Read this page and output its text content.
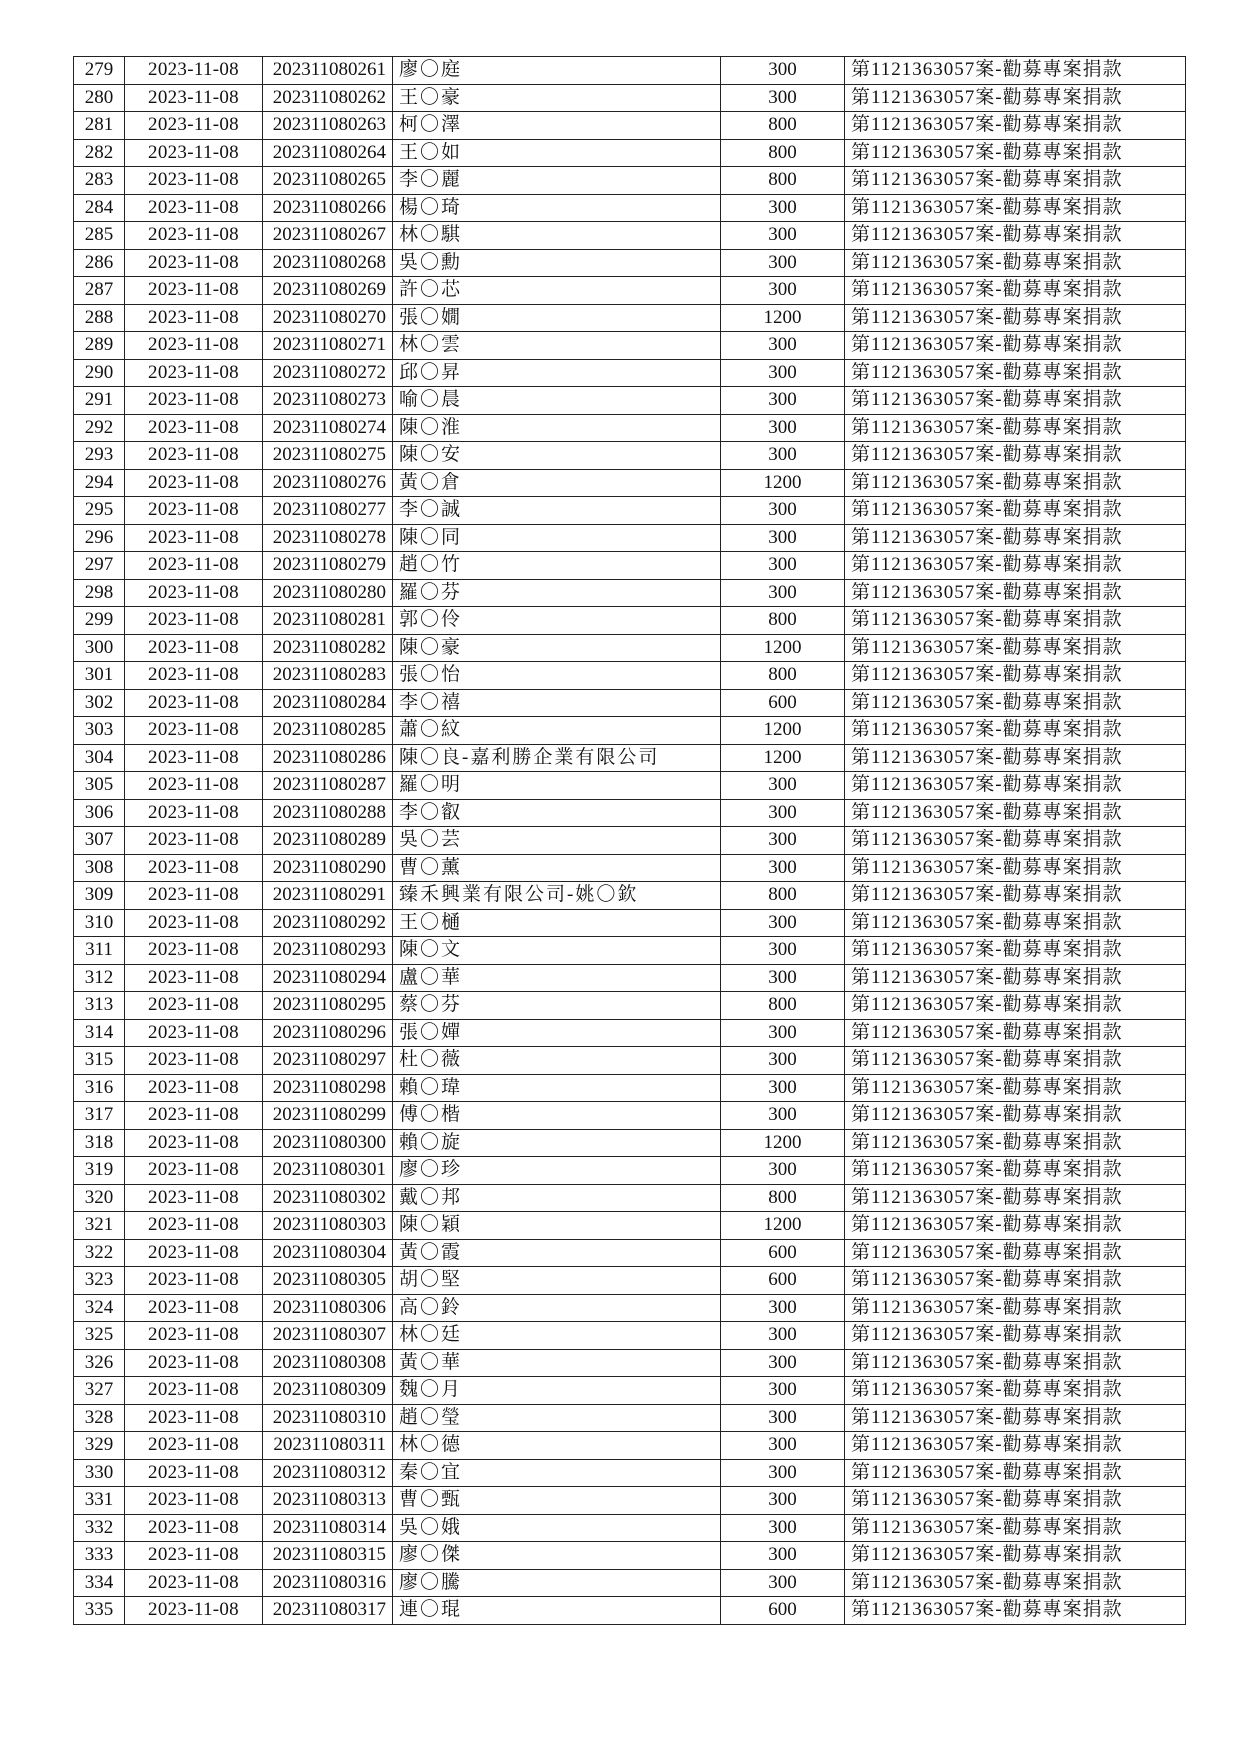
279	2023-11-08	202311080261	廖〇庭	300	第1121363057案-勸募專案捐款
280	2023-11-08	202311080262	王〇豪	300	第1121363057案-勸募專案捐款
281	2023-11-08	202311080263	柯〇澤	800	第1121363057案-勸募專案捐款
282	2023-11-08	202311080264	王〇如	800	第1121363057案-勸募專案捐款
283	2023-11-08	202311080265	李〇麗	800	第1121363057案-勸募專案捐款
284	2023-11-08	202311080266	楊〇琦	300	第1121363057案-勸募專案捐款
285	2023-11-08	202311080267	林〇騏	300	第1121363057案-勸募專案捐款
286	2023-11-08	202311080268	吳〇勳	300	第1121363057案-勸募專案捐款
287	2023-11-08	202311080269	許〇芯	300	第1121363057案-勸募專案捐款
288	2023-11-08	202311080270	張〇嫺	1200	第1121363057案-勸募專案捐款
289	2023-11-08	202311080271	林〇雲	300	第1121363057案-勸募專案捐款
290	2023-11-08	202311080272	邱〇昇	300	第1121363057案-勸募專案捐款
291	2023-11-08	202311080273	喻〇晨	300	第1121363057案-勸募專案捐款
292	2023-11-08	202311080274	陳〇淮	300	第1121363057案-勸募專案捐款
293	2023-11-08	202311080275	陳〇安	300	第1121363057案-勸募專案捐款
294	2023-11-08	202311080276	黃〇倉	1200	第1121363057案-勸募專案捐款
295	2023-11-08	202311080277	李〇誠	300	第1121363057案-勸募專案捐款
296	2023-11-08	202311080278	陳〇同	300	第1121363057案-勸募專案捐款
297	2023-11-08	202311080279	趙〇竹	300	第1121363057案-勸募專案捐款
298	2023-11-08	202311080280	羅〇芬	300	第1121363057案-勸募專案捐款
299	2023-11-08	202311080281	郭〇伶	800	第1121363057案-勸募專案捐款
300	2023-11-08	202311080282	陳〇豪	1200	第1121363057案-勸募專案捐款
301	2023-11-08	202311080283	張〇怡	800	第1121363057案-勸募專案捐款
302	2023-11-08	202311080284	李〇禧	600	第1121363057案-勸募專案捐款
303	2023-11-08	202311080285	蕭〇紋	1200	第1121363057案-勸募專案捐款
304	2023-11-08	202311080286	陳〇良-嘉利勝企業有限公司	1200	第1121363057案-勸募專案捐款
305	2023-11-08	202311080287	羅〇明	300	第1121363057案-勸募專案捐款
306	2023-11-08	202311080288	李〇叡	300	第1121363057案-勸募專案捐款
307	2023-11-08	202311080289	吳〇芸	300	第1121363057案-勸募專案捐款
308	2023-11-08	202311080290	曹〇薰	300	第1121363057案-勸募專案捐款
309	2023-11-08	202311080291	臻禾興業有限公司-姚〇欽	800	第1121363057案-勸募專案捐款
310	2023-11-08	202311080292	王〇樋	300	第1121363057案-勸募專案捐款
311	2023-11-08	202311080293	陳〇文	300	第1121363057案-勸募專案捐款
312	2023-11-08	202311080294	盧〇華	300	第1121363057案-勸募專案捐款
313	2023-11-08	202311080295	蔡〇芬	800	第1121363057案-勸募專案捐款
314	2023-11-08	202311080296	張〇嬋	300	第1121363057案-勸募專案捐款
315	2023-11-08	202311080297	杜〇薇	300	第1121363057案-勸募專案捐款
316	2023-11-08	202311080298	賴〇瑋	300	第1121363057案-勸募專案捐款
317	2023-11-08	202311080299	傅〇楷	300	第1121363057案-勸募專案捐款
318	2023-11-08	202311080300	賴〇旋	1200	第1121363057案-勸募專案捐款
319	2023-11-08	202311080301	廖〇珍	300	第1121363057案-勸募專案捐款
320	2023-11-08	202311080302	戴〇邦	800	第1121363057案-勸募專案捐款
321	2023-11-08	202311080303	陳〇穎	1200	第1121363057案-勸募專案捐款
322	2023-11-08	202311080304	黃〇霞	600	第1121363057案-勸募專案捐款
323	2023-11-08	202311080305	胡〇堅	600	第1121363057案-勸募專案捐款
324	2023-11-08	202311080306	高〇鈴	300	第1121363057案-勸募專案捐款
325	2023-11-08	202311080307	林〇廷	300	第1121363057案-勸募專案捐款
326	2023-11-08	202311080308	黃〇華	300	第1121363057案-勸募專案捐款
327	2023-11-08	202311080309	魏〇月	300	第1121363057案-勸募專案捐款
328	2023-11-08	202311080310	趙〇瑩	300	第1121363057案-勸募專案捐款
329	2023-11-08	202311080311	林〇德	300	第1121363057案-勸募專案捐款
330	2023-11-08	202311080312	秦〇宜	300	第1121363057案-勸募專案捐款
331	2023-11-08	202311080313	曹〇甄	300	第1121363057案-勸募專案捐款
332	2023-11-08	202311080314	吳〇娥	300	第1121363057案-勸募專案捐款
333	2023-11-08	202311080315	廖〇傑	300	第1121363057案-勸募專案捐款
334	2023-11-08	202311080316	廖〇騰	300	第1121363057案-勸募專案捐款
335	2023-11-08	202311080317	連〇琨	600	第1121363057案-勸募專案捐款
